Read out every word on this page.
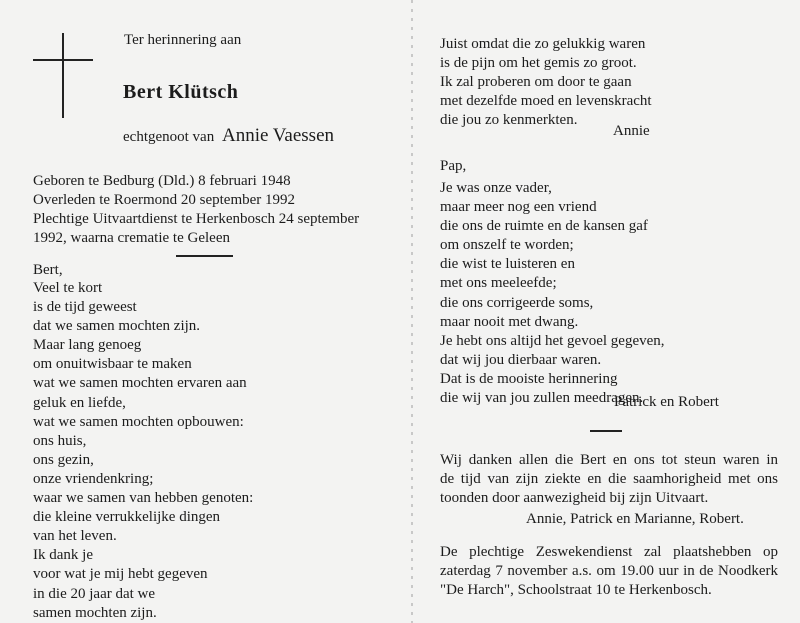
Ter herinnering aan
Bert Klütsch
echtgenoot van Annie Vaessen
Geboren te Bedburg (Dld.) 8 februari 1948
Overleden te Roermond 20 september 1992
Plechtige Uitvaartdienst te Herkenbosch 24 september
1992, waarna crematie te Geleen
Bert,
Veel te kort
is de tijd geweest
dat we samen mochten zijn.
Maar lang genoeg
om onuitwisbaar te maken
wat we samen mochten ervaren aan
geluk en liefde,
wat we samen mochten opbouwen:
ons huis,
ons gezin,
onze vriendenkring;
waar we samen van hebben genoten:
die kleine verrukkelijke dingen
van het leven.
Ik dank je
voor wat je mij hebt gegeven
in die 20 jaar dat we
samen mochten zijn.
Juist omdat die zo gelukkig waren
is de pijn om het gemis zo groot.
Ik zal proberen om door te gaan
met dezelfde moed en levenskracht
die jou zo kenmerkten.
Annie
Pap,
Je was onze vader,
maar meer nog een vriend
die ons de ruimte en de kansen gaf
om onszelf te worden;
die wist te luisteren en
met ons meeleefde;
die ons corrigeerde soms,
maar nooit met dwang.
Je hebt ons altijd het gevoel gegeven,
dat wij jou dierbaar waren.
Dat is de mooiste herinnering
die wij van jou zullen meedragen.
Patrick en Robert
Wij danken allen die Bert en ons tot steun waren in
de tijd van zijn ziekte en die saamhorigheid met ons
toonden door aanwezigheid bij zijn Uitvaart.
Annie, Patrick en Marianne, Robert.
De plechtige Zeswekendienst zal plaatshebben op
zaterdag 7 november a.s. om 19.00 uur in de Noodkerk
"De Harch", Schoolstraat 10 te Herkenbosch.
